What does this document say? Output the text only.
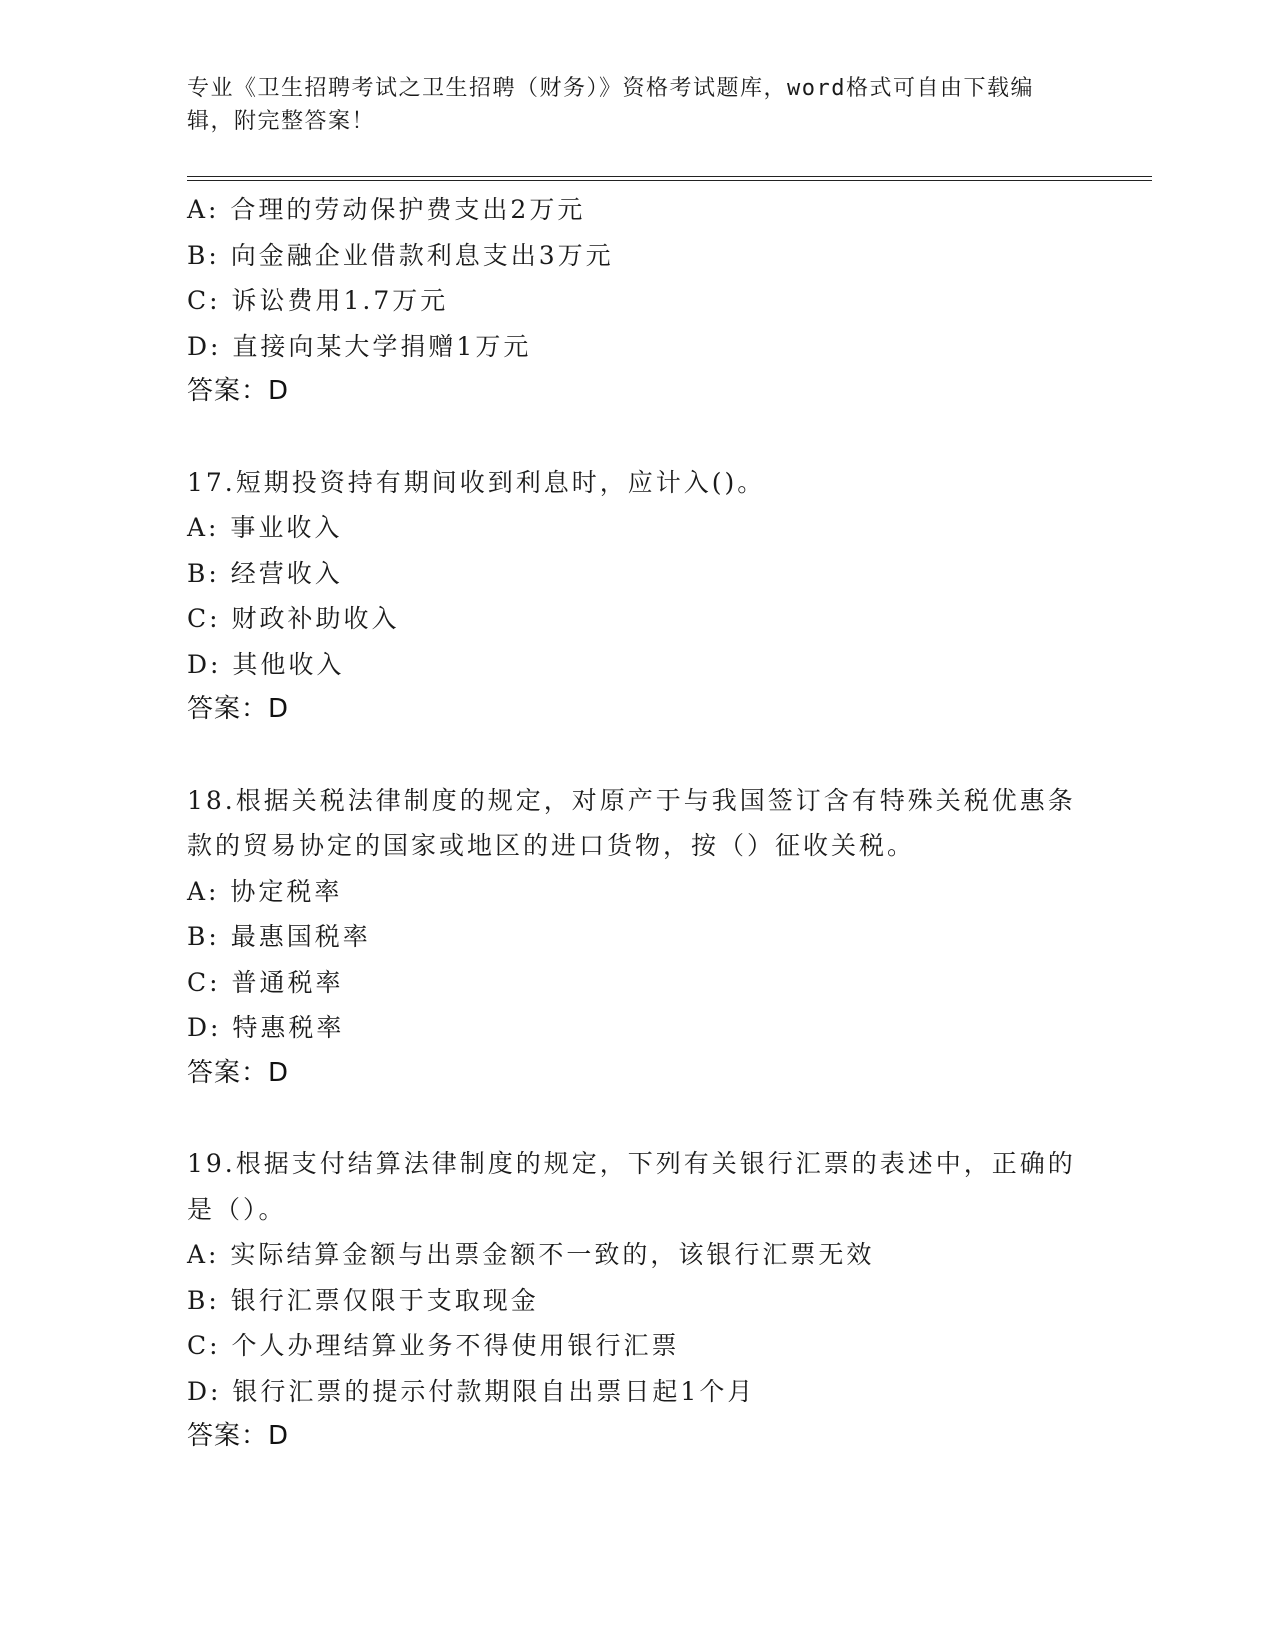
专业《卫生招聘考试之卫生招聘（财务）》资格考试题库，word格式可自由下载编辑，附完整答案！
A: 合理的劳动保护费支出2万元
B: 向金融企业借款利息支出3万元
C: 诉讼费用1.7万元
D: 直接向某大学捐赠1万元
答案：D
17.短期投资持有期间收到利息时，应计入()。
A: 事业收入
B: 经营收入
C: 财政补助收入
D: 其他收入
答案：D
18.根据关税法律制度的规定，对原产于与我国签订含有特殊关税优惠条款的贸易协定的国家或地区的进口货物，按（）征收关税。
A: 协定税率
B: 最惠国税率
C: 普通税率
D: 特惠税率
答案：D
19.根据支付结算法律制度的规定，下列有关银行汇票的表述中，正确的是（）。
A: 实际结算金额与出票金额不一致的，该银行汇票无效
B: 银行汇票仅限于支取现金
C: 个人办理结算业务不得使用银行汇票
D: 银行汇票的提示付款期限自出票日起1个月
答案：D
